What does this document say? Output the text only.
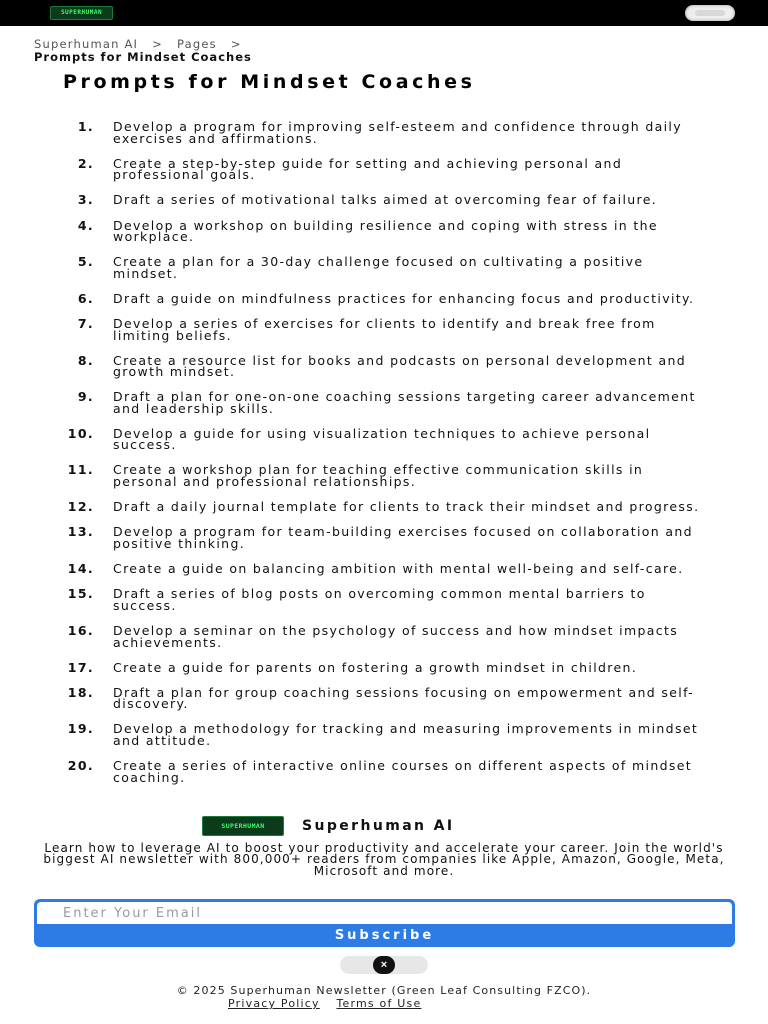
SUPERHUMAN
Superhuman AI > Pages >
Prompts for Mindset Coaches
Prompts for Mindset Coaches
1. Develop a program for improving self-esteem and confidence through daily exercises and affirmations.
2. Create a step-by-step guide for setting and achieving personal and professional goals.
3. Draft a series of motivational talks aimed at overcoming fear of failure.
4. Develop a workshop on building resilience and coping with stress in the workplace.
5. Create a plan for a 30-day challenge focused on cultivating a positive mindset.
6. Draft a guide on mindfulness practices for enhancing focus and productivity.
7. Develop a series of exercises for clients to identify and break free from limiting beliefs.
8. Create a resource list for books and podcasts on personal development and growth mindset.
9. Draft a plan for one-on-one coaching sessions targeting career advancement and leadership skills.
10. Develop a guide for using visualization techniques to achieve personal success.
11. Create a workshop plan for teaching effective communication skills in personal and professional relationships.
12. Draft a daily journal template for clients to track their mindset and progress.
13. Develop a program for team-building exercises focused on collaboration and positive thinking.
14. Create a guide on balancing ambition with mental well-being and self-care.
15. Draft a series of blog posts on overcoming common mental barriers to success.
16. Develop a seminar on the psychology of success and how mindset impacts achievements.
17. Create a guide for parents on fostering a growth mindset in children.
18. Draft a plan for group coaching sessions focusing on empowerment and self-discovery.
19. Develop a methodology for tracking and measuring improvements in mindset and attitude.
20. Create a series of interactive online courses on different aspects of mindset coaching.
SUPERHUMAN	Superhuman AI

Learn how to leverage AI to boost your productivity and accelerate your career. Join the world's biggest AI newsletter with 800,000+ readers from companies like Apple, Amazon, Google, Meta, Microsoft and more.

Enter Your Email
Subscribe
×

© 2025 Superhuman Newsletter (Green Leaf Consulting FZCO).

Privacy Policy Terms of Use
